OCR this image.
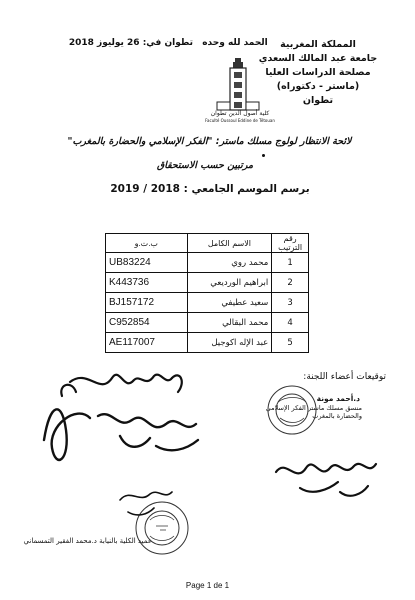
المملكة المغربية
جامعة عبد المالك السعدي
مصلحة الدراسات العليا
(ماستر - دكتوراه)
تطوان
الحمد لله وحده
تطوان في: 26 يوليوز 2018
كلية أصول الدين تطوان
Faculté Oussoul Eddine de Tétouan
لائحة الانتظار لولوج مسلك ماستر: "الفكر الإسلامي والحضارة بالمغرب"
مرتبين حسب الاستحقاق
برسم الموسم الجامعي : 2018 / 2019
ب.ت.و	الاسم الكامل	رقم الترتيب
UB83224	محمد روي	1
K443736	ابراهيم الورديعي	2
BJ157172	سعيد عطيفي	3
C952854	محمد البقالي	4
AE117007	عبد الإله اكوجيل	5
توقيعات أعضاء اللجنة:
د.أحمد مونة
منسق مسلك ماستر الفكر الإسلامي والحضارة بالمغرب
عميد الكلية بالنيابة د.محمد الفقير التمسماني
Page 1 de 1
